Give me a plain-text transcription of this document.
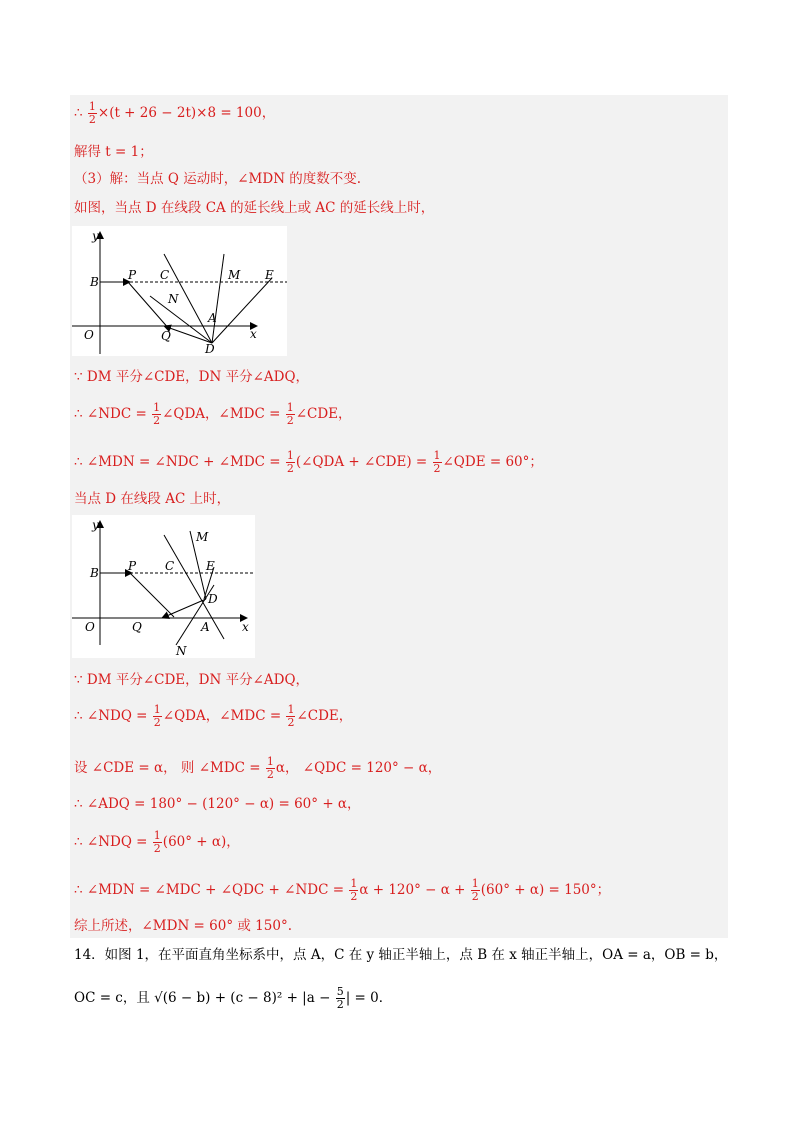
∴ $\frac{1}{2} \times(t + 26 - 2t)\times 8 = 100$，
解得 t = 1；
（3）解：当点 Q 运动时，∠MDN 的度数不变.
如图，当点 D 在线段 CA 的延长线上或 AC 的延长线上时，
y
B P C	M E
N
A
O	Q
D
x
∵ DM 平分∠CDE，DN 平分∠ADQ，
∴ ∠NDC = $\frac{1}{2}$ ∠QDA，∠MDC = $\frac{1}{2}$ ∠CDE，
∴ ∠MDN = ∠NDC + ∠MDC = $\frac{1}{2}$ (∠QDA + ∠CDE) = $\frac{1}{2}$ ∠QDE = 60°；
当点 D 在线段 AC 上时，
y
M
B P C	E
D
O	Q	A	x
N
∵ DM 平分∠CDE，DN 平分∠ADQ，
∴ ∠NDQ = $\frac{1}{2}$ ∠QDA，∠MDC = $\frac{1}{2}$ ∠CDE，
设 ∠CDE = α， 则 ∠MDC = $\frac{1}{2}$ α， ∠QDC = 120° − α，
∴ ∠ADQ = 180° − (120° − α) = 60° + α，
∴ ∠NDQ = $\frac{1}{2} (60^\circ + \alpha)$，
∴ ∠MDN = ∠MDC + ∠QDC + ∠NDC = $\frac{1}{2}$ $\alpha + 120^\circ - \alpha + \frac{1}{2} (60^\circ + \alpha) = 150^\circ$；
综上所述，∠MDN = 60° 或 150°.
14．如图 1，在平面直角坐标系中，点 A，C 在 y 轴正半轴上，点 B 在 x 轴正半轴上，OA = a，OB = b，
OC = c，且 $√(6 - b) + (c - 8)^2 + |a - \frac{5}{2}$ | = 0．
